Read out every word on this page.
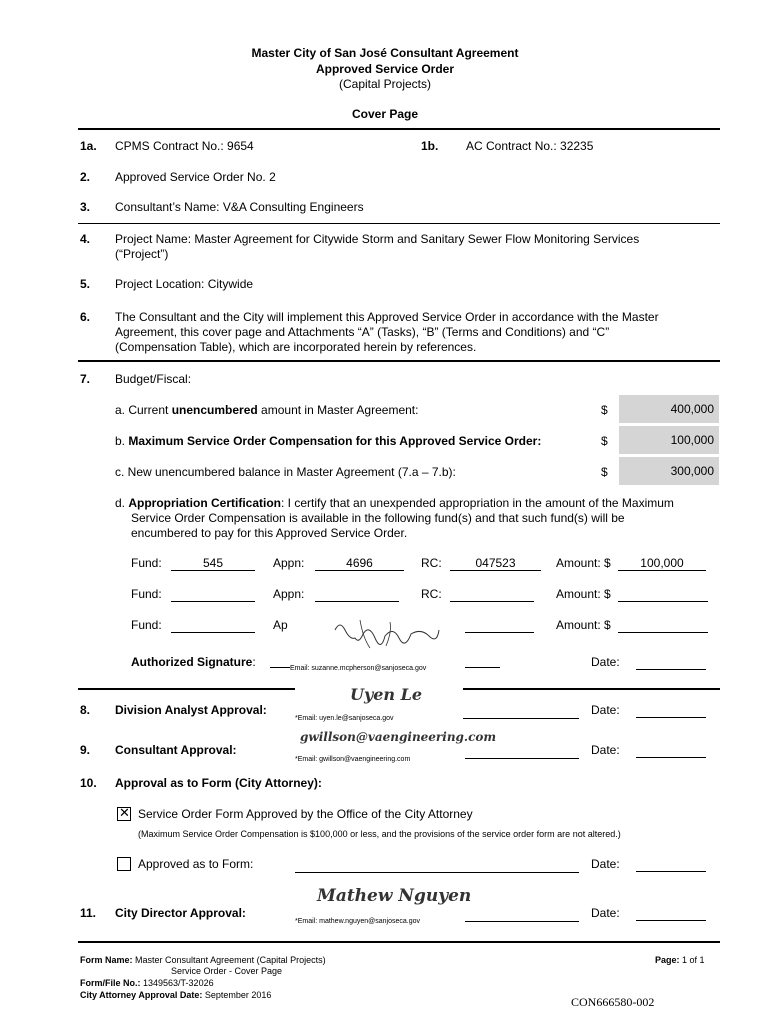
Master City of San José Consultant Agreement
Approved Service Order
(Capital Projects)
Cover Page
1a. CPMS Contract No.: 9654	1b. AC Contract No.: 32235
2. Approved Service Order No. 2
3. Consultant’s Name: V&A Consulting Engineers
4. Project Name: Master Agreement for Citywide Storm and Sanitary Sewer Flow Monitoring Services
(“Project”)
5. Project Location: Citywide
6. The Consultant and the City will implement this Approved Service Order in accordance with the Master
Agreement, this cover page and Attachments “A” (Tasks), “B” (Terms and Conditions) and “C”
(Compensation Table), which are incorporated herein by references.
7. Budget/Fiscal:
a. Current unencumbered amount in Master Agreement:	$	400,000
b. Maximum Service Order Compensation for this Approved Service Order:	$	100,000
c. New unencumbered balance in Master Agreement (7.a – 7.b):	$	300,000
d. Appropriation Certification: I certify that an unexpended appropriation in the amount of the Maximum
Service Order Compensation is available in the following fund(s) and that such fund(s) will be
encumbered to pay for this Approved Service Order.
Fund:	545	Appn:	4696	RC:	047523	Amount: $	100,000
Fund:	Appn:	RC:	Amount: $
Fund:	Ap	Amount: $
Authorized Signature:	Email: suzanne.mcpherson@sanjoseca.gov	Date:
8. Division Analyst Approval:
Uyen Le
*Email: uyen.le@sanjoseca.gov
Date:
9. Consultant Approval:
gwillson@vaengineering.com
*Email: gwillson@vaengineering.com
Date:
10. Approval as to Form (City Attorney):
✕ Service Order Form Approved by the Office of the City Attorney
(Maximum Service Order Compensation is $100,000 or less, and the provisions of the service order form are not altered.)
Approved as to Form:	Date:
11. City Director Approval:
Mathew Nguyen
*Email: mathew.nguyen@sanjoseca.gov
Date:
Form Name: Master Consultant Agreement (Capital Projects)
Service Order - Cover Page
Form/File No.: 1349563/T-32026
City Attorney Approval Date: September 2016
Page: 1 of 1
CON666580-002
